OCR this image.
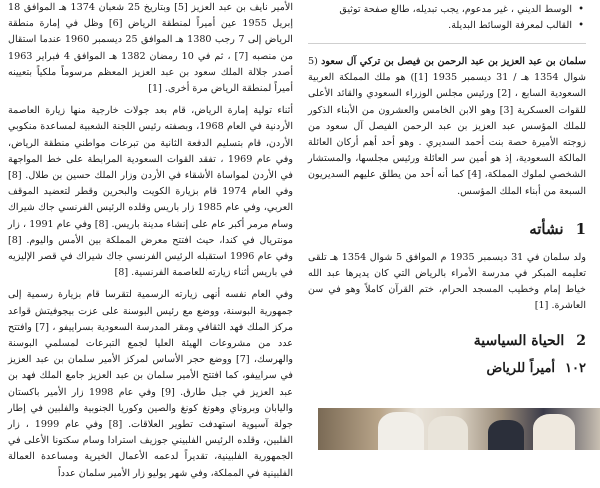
• الوسط الديني ، غير مدعوم، يجب تبديله، طالع صفحة توثيق
• القالب لمعرفة الوسائط البديلة.

سلمان بن عبد العزيز بن عبد الرحمن بن فيصل بن تركي آل سعود (5 شوال 1354 هـ / 31 ديسمبر 1935 [1]) هو ملك المملكة العربية السعودية السابع ، [2] ورئيس مجلس الوزراء السعودي والقائد الأعلى للقوات العسكرية [3] وهو الابن الخامس والعشرون من الأبناء الذكور للملك المؤسس عبد العزيز بن عبد الرحمن الفيصل آل سعود من زوجته الأميرة حصة بنت أحمد السديري . وهو أحد أهم أركان العائلة المالكة السعودية، إذ هو أمين سر العائلة ورئيس مجلسها، والمستشار الشخصي لملوك المملكة، [4] كما أنه أحد من يطلق عليهم السديريون السبعة من أبناء الملك المؤسس.

1
نشأته

ولد سلمان في 31 ديسمبر 1935 م الموافق 5 شوال 1354 هـ تلقى تعليمه المبكر في مدرسة الأمراء بالرياض التي كان يديرها عبد الله خياط إمام وخطيب المسجد الحرام، ختم القرآن كاملاً وهو في سن العاشرة. [1]

2
الحياة السياسية
١٠٢
أميراً للرياض

الأمير نايف بن عبد العزيز [5] وبتاريخ 25 شعبان 1374 هـ الموافق 18 إبريل 1955 عين أميراً لمنطقة الرياض [6] وظل في إمارة منطقة الرياض إلى 7 رجب 1380 هـ الموافق 25 ديسمبر 1960 عندما استقال من منصبه [7] ، ثم في 10 رمضان 1382 هـ الموافق 4 فبراير 1963 أصدر جلالة الملك سعود بن عبد العزيز المعظم مرسوماً ملكياً بتعيينه أميراً لمنطقة الرياض مرة أخرى. [1]

أثناء تولية إمارة الرياض، قام بعد جولات خارجية منها زيارة العاصمة الأردنية في العام 1968، وبصفته رئيس اللجنة الشعبية لمساعدة منكوبي الأردن، قام بتسليم الدفعة الثانية من تبرعات مواطني منطقة الرياض، وفي عام 1969 ، تفقد القوات السعودية المرابطة على خط المواجهة في الأردن لمواساة الأشقاء في الأردن وزار الملك حسين بن طلال. [8] وفي العام 1974 قام بزيارة الكويت والبحرين وقطر لتعضيد الموقف العربي، وفي عام 1985 زار باريس وقلده الرئيس الفرنسي جاك شيراك وسام مرمر أكبر عام على إنشاء مدينة باريس. [8] وفي عام 1991 ، زار مونتريال في كندا، حيث افتتح معرض المملكة بين الأمس واليوم. [8] وفي عام 1996 استقبله الرئيس الفرنسي جاك شيراك في قصر الإليزيه في باريس أثناء زيارته للعاصمة الفرنسية. [8]

وفي العام نفسه أنهى زيارته الرسمية لتقرسا قام بزيارة رسمية إلى جمهورية البوسنة، ووضع مع رئيس البوسنة على عزت بيجوفيتش قواعد مركز الملك فهد الثقافي ومقر المدرسة السعودية بسراييفو ، [7] وافتتح عدد من مشروعات الهيئة العليا لجمع التبرعات لمسلمي البوسنة والهرسك، [7] ووضع حجر الأساس لمركز الأمير سلمان بن عبد العزيز في سراييفو، كما افتتح الأمير سلمان بن عبد العزيز جامع الملك فهد بن عبد العزيز في جبل طارق. [9] وفي عام 1998 زار الأمير باكستان واليابان وبروناي وهونغ كونغ والصين وكوريا الجنوبية والفلبين في إطار جولة آسيوية استهدفت تطوير العلاقات. [8] وفي عام 1999 ، زار الفلبين، وقلده الرئيس الفلبيني جوزيف استرادا وسام سكتونا الأعلى في الجمهورية الفلبينية، تقديراً لدعمه الأعمال الخيرية ومساعدة العمالة الفلبينية في المملكة، وفي شهر يوليو زار الأمير سلمان عدداً
